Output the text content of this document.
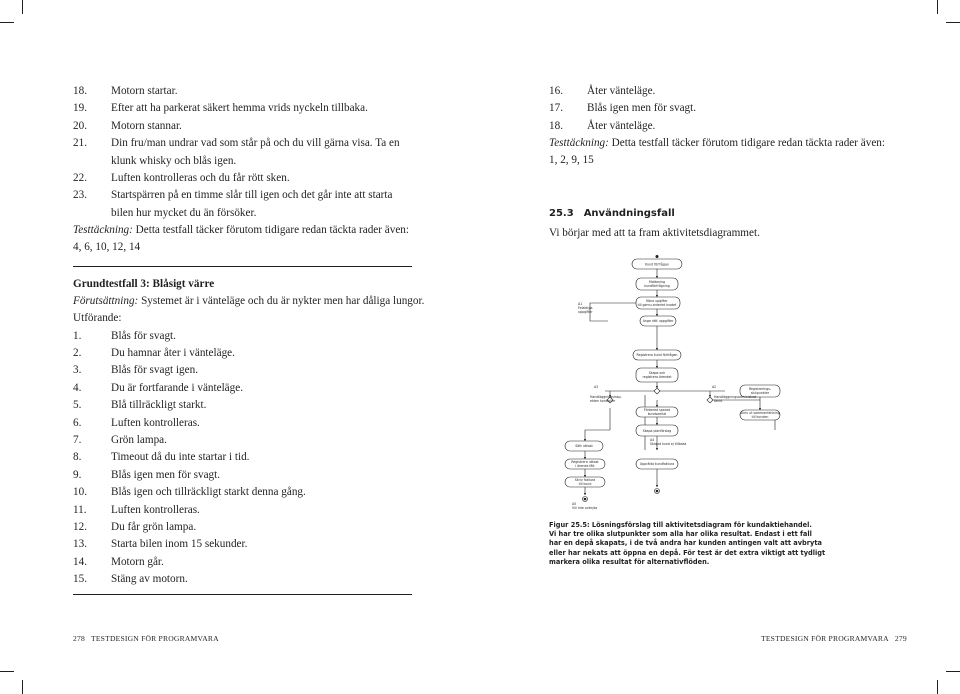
18. Motorn startar.
19. Efter att ha parkerat säkert hemma vrids nyckeln tillbaka.
20. Motorn stannar.
21. Din fru/man undrar vad som står på och du vill gärna visa. Ta en
klunk whisky och blås igen.
22. Luften kontrolleras och du får rött sken.
23. Startspärren på en timme slår till igen och det går inte att starta
bilen hur mycket du än försöker.
Testtäckning: Detta testfall täcker förutom tidigare redan täckta rader även:
4, 6, 10, 12, 14
Grundtestfall 3: Blåsigt värre
Förutsättning: Systemet är i vänteläge och du är nykter men har dåliga lungor.
Utförande:
1.	Blås för svagt.
2.	Du hamnar åter i vänteläge.
3.	Blås för svagt igen.
4.	Du är fortfarande i vänteläge.
5.	Blå tillräckligt starkt.
6.	Luften kontrolleras.
7.	Grön lampa.
8.	Timeout då du inte startar i tid.
9.	Blås igen men för svagt.
10. Blås igen och tillräckligt starkt denna gång.
11. Luften kontrolleras.
12. Du får grön lampa.
13. Starta bilen inom 15 sekunder.
14. Motorn går.
15. Stäng av motorn.
278 TESTDESIGN FÖR PROGRAMVARA
16. Åter vänteläge.
17. Blås igen men för svagt.
18. Åter vänteläge.
Testtäckning: Detta testfall täcker förutom tidigare redan täckta rader även:
1, 2, 9, 15
25.3 Användningsfall
Vi börjar med att ta fram aktivitetsdiagrammet.
Kund förfrågan
Mottaning
kundförfrågning
Köna upgifter
till gamu anteriet kvotet
Ange rätt uppgifter
Registrera kund förfrågan
Skapa och
registrera ärendet
Registrerings-
slutpunkter
Skriv ut sammanfattning
till kunden
Förbered sparad
kundsamtal
Skapa planförslag
Sätt utkast
Registrera utkast
i ärende fält
Skriv faktura
till kund
Upprätta kundfaktura
A1
Felaktiga
uppgifter
A3
Handläggningsinsp-
ekten kontroller
A2
Handläggningsadministrat
tänkt
A4
Skapat kund ej tillbaka
A5
Vill inte avbryta
Figur 25.5: Lösningsförslag till aktivitetsdiagram för kundaktiehandel.
Vi har tre olika slutpunkter som alla har olika resultat. Endast i ett fall
har en depå skapats, i de två andra har kunden antingen valt att avbryta
eller har nekats att öppna en depå. För test är det extra viktigt att tydligt
markera olika resultat för alternativflöden.
TESTDESIGN FÖR PROGRAMVARA 279
